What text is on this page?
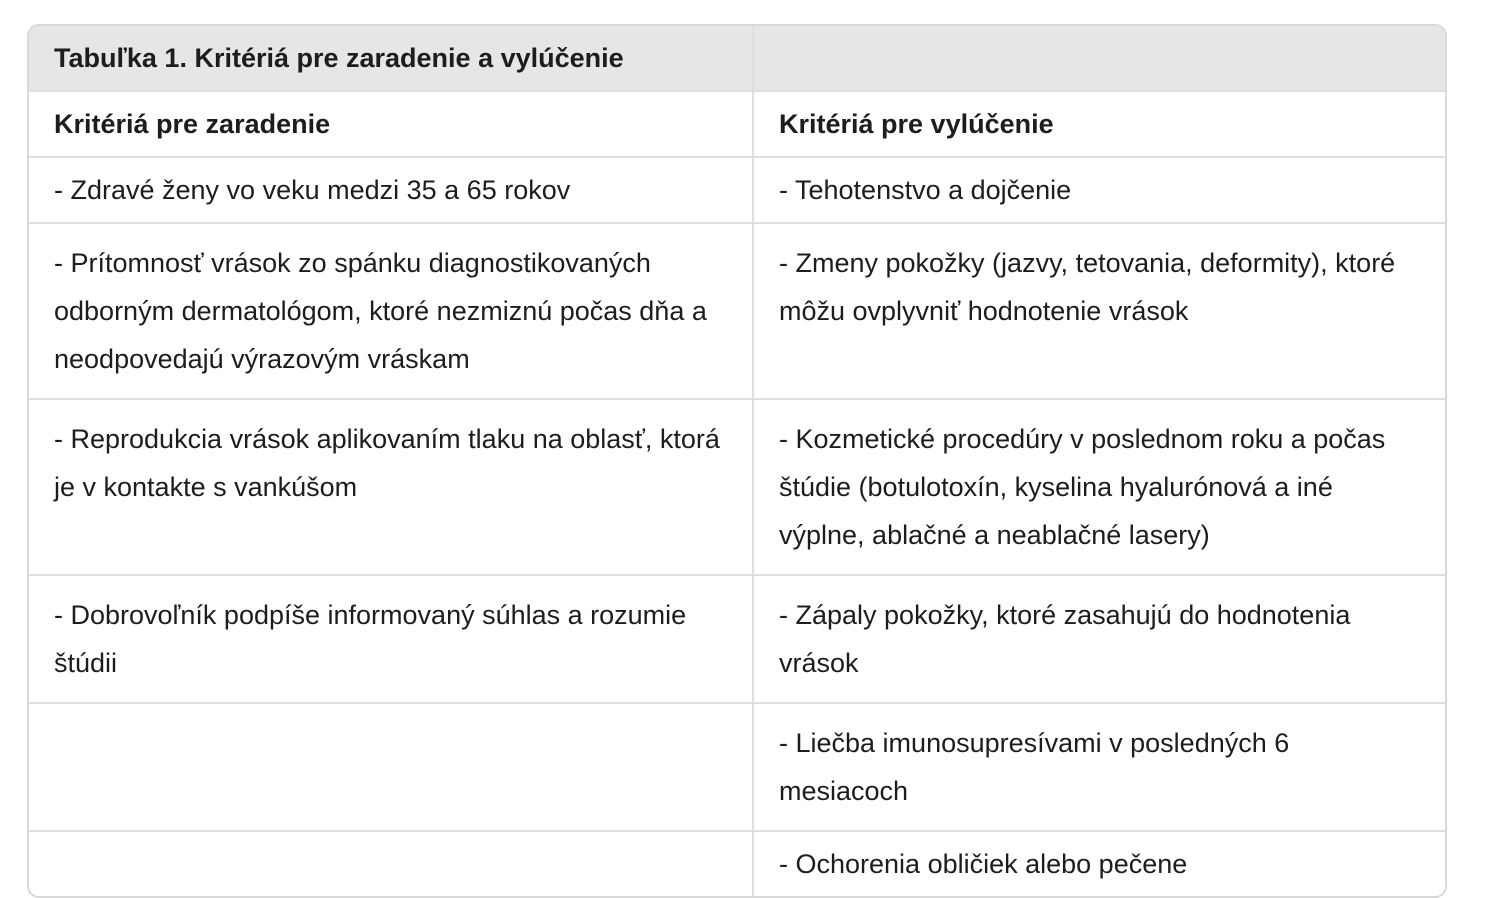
Tabuľka 1. Kritériá pre zaradenie a vylúčenie	
Kritériá pre zaradenie	Kritériá pre vylúčenie
- Zdravé ženy vo veku medzi 35 a 65 rokov	- Tehotenstvo a dojčenie
- Prítomnosť vrások zo spánku diagnostikovaných odborným dermatológom, ktoré nezmiznú počas dňa a neodpovedajú výrazovým vráskam	- Zmeny pokožky (jazvy, tetovania, deformity), ktoré môžu ovplyvniť hodnotenie vrások
- Reprodukcia vrások aplikovaním tlaku na oblasť, ktorá je v kontakte s vankúšom	- Kozmetické procedúry v poslednom roku a počas štúdie (botulotoxín, kyselina hyalurónová a iné výplne, ablačné a neablačné lasery)
- Dobrovoľník podpíše informovaný súhlas a rozumie štúdii	- Zápaly pokožky, ktoré zasahujú do hodnotenia vrások
	- Liečba imunosupresívami v posledných 6 mesiacoch
	- Ochorenia obličiek alebo pečene
